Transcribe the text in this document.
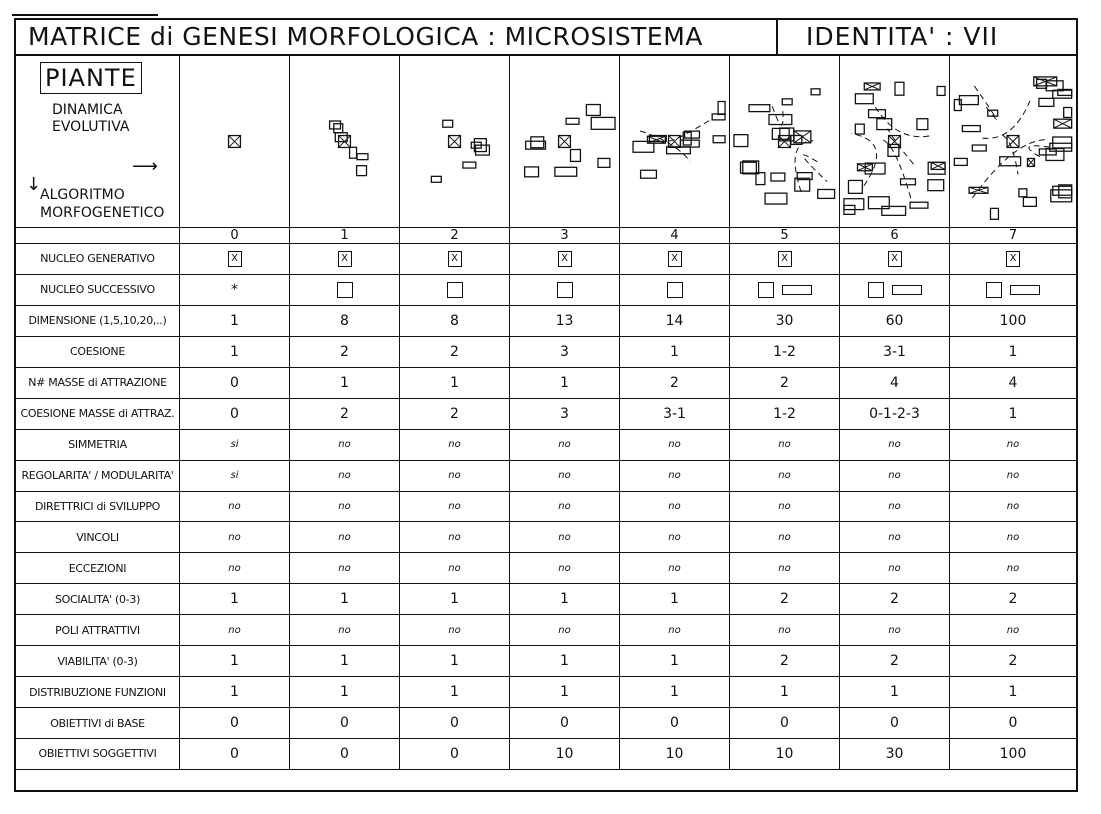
MATRICE di GENESI MORFOLOGICA : MICROSISTEMA	IDENTITA' : VII
PIANTE
DINAMICA
EVOLUTIVA
⟶
↓
ALGORITMO
MORFOGENETICO
0	1	2	3	4	5	6	7
NUCLEO GENERATIVO	X	X	X	X	X	X	X	X
NUCLEO SUCCESSIVO	*
DIMENSIONE (1,5,10,20,..)	1	8	8	13	14	30	60	100
COESIONE	1	2	2	3	1	1-2	3-1	1
N# MASSE di ATTRAZIONE	0	1	1	1	2	2	4	4
COESIONE MASSE di ATTRAZ.	0	2	2	3	3-1	1-2	0-1-2-3	1
SIMMETRIA	si	no	no	no	no	no	no	no
REGOLARITA' / MODULARITA'	si	no	no	no	no	no	no	no
DIRETTRICI di SVILUPPO	no	no	no	no	no	no	no	no
VINCOLI	no	no	no	no	no	no	no	no
ECCEZIONI	no	no	no	no	no	no	no	no
SOCIALITA' (0-3)	1	1	1	1	1	2	2	2
POLI ATTRATTIVI	no	no	no	no	no	no	no	no
VIABILITA' (0-3)	1	1	1	1	1	2	2	2
DISTRIBUZIONE FUNZIONI	1	1	1	1	1	1	1	1
OBIETTIVI di BASE	0	0	0	0	0	0	0	0
OBIETTIVI SOGGETTIVI	0	0	0	10	10	10	30	100
